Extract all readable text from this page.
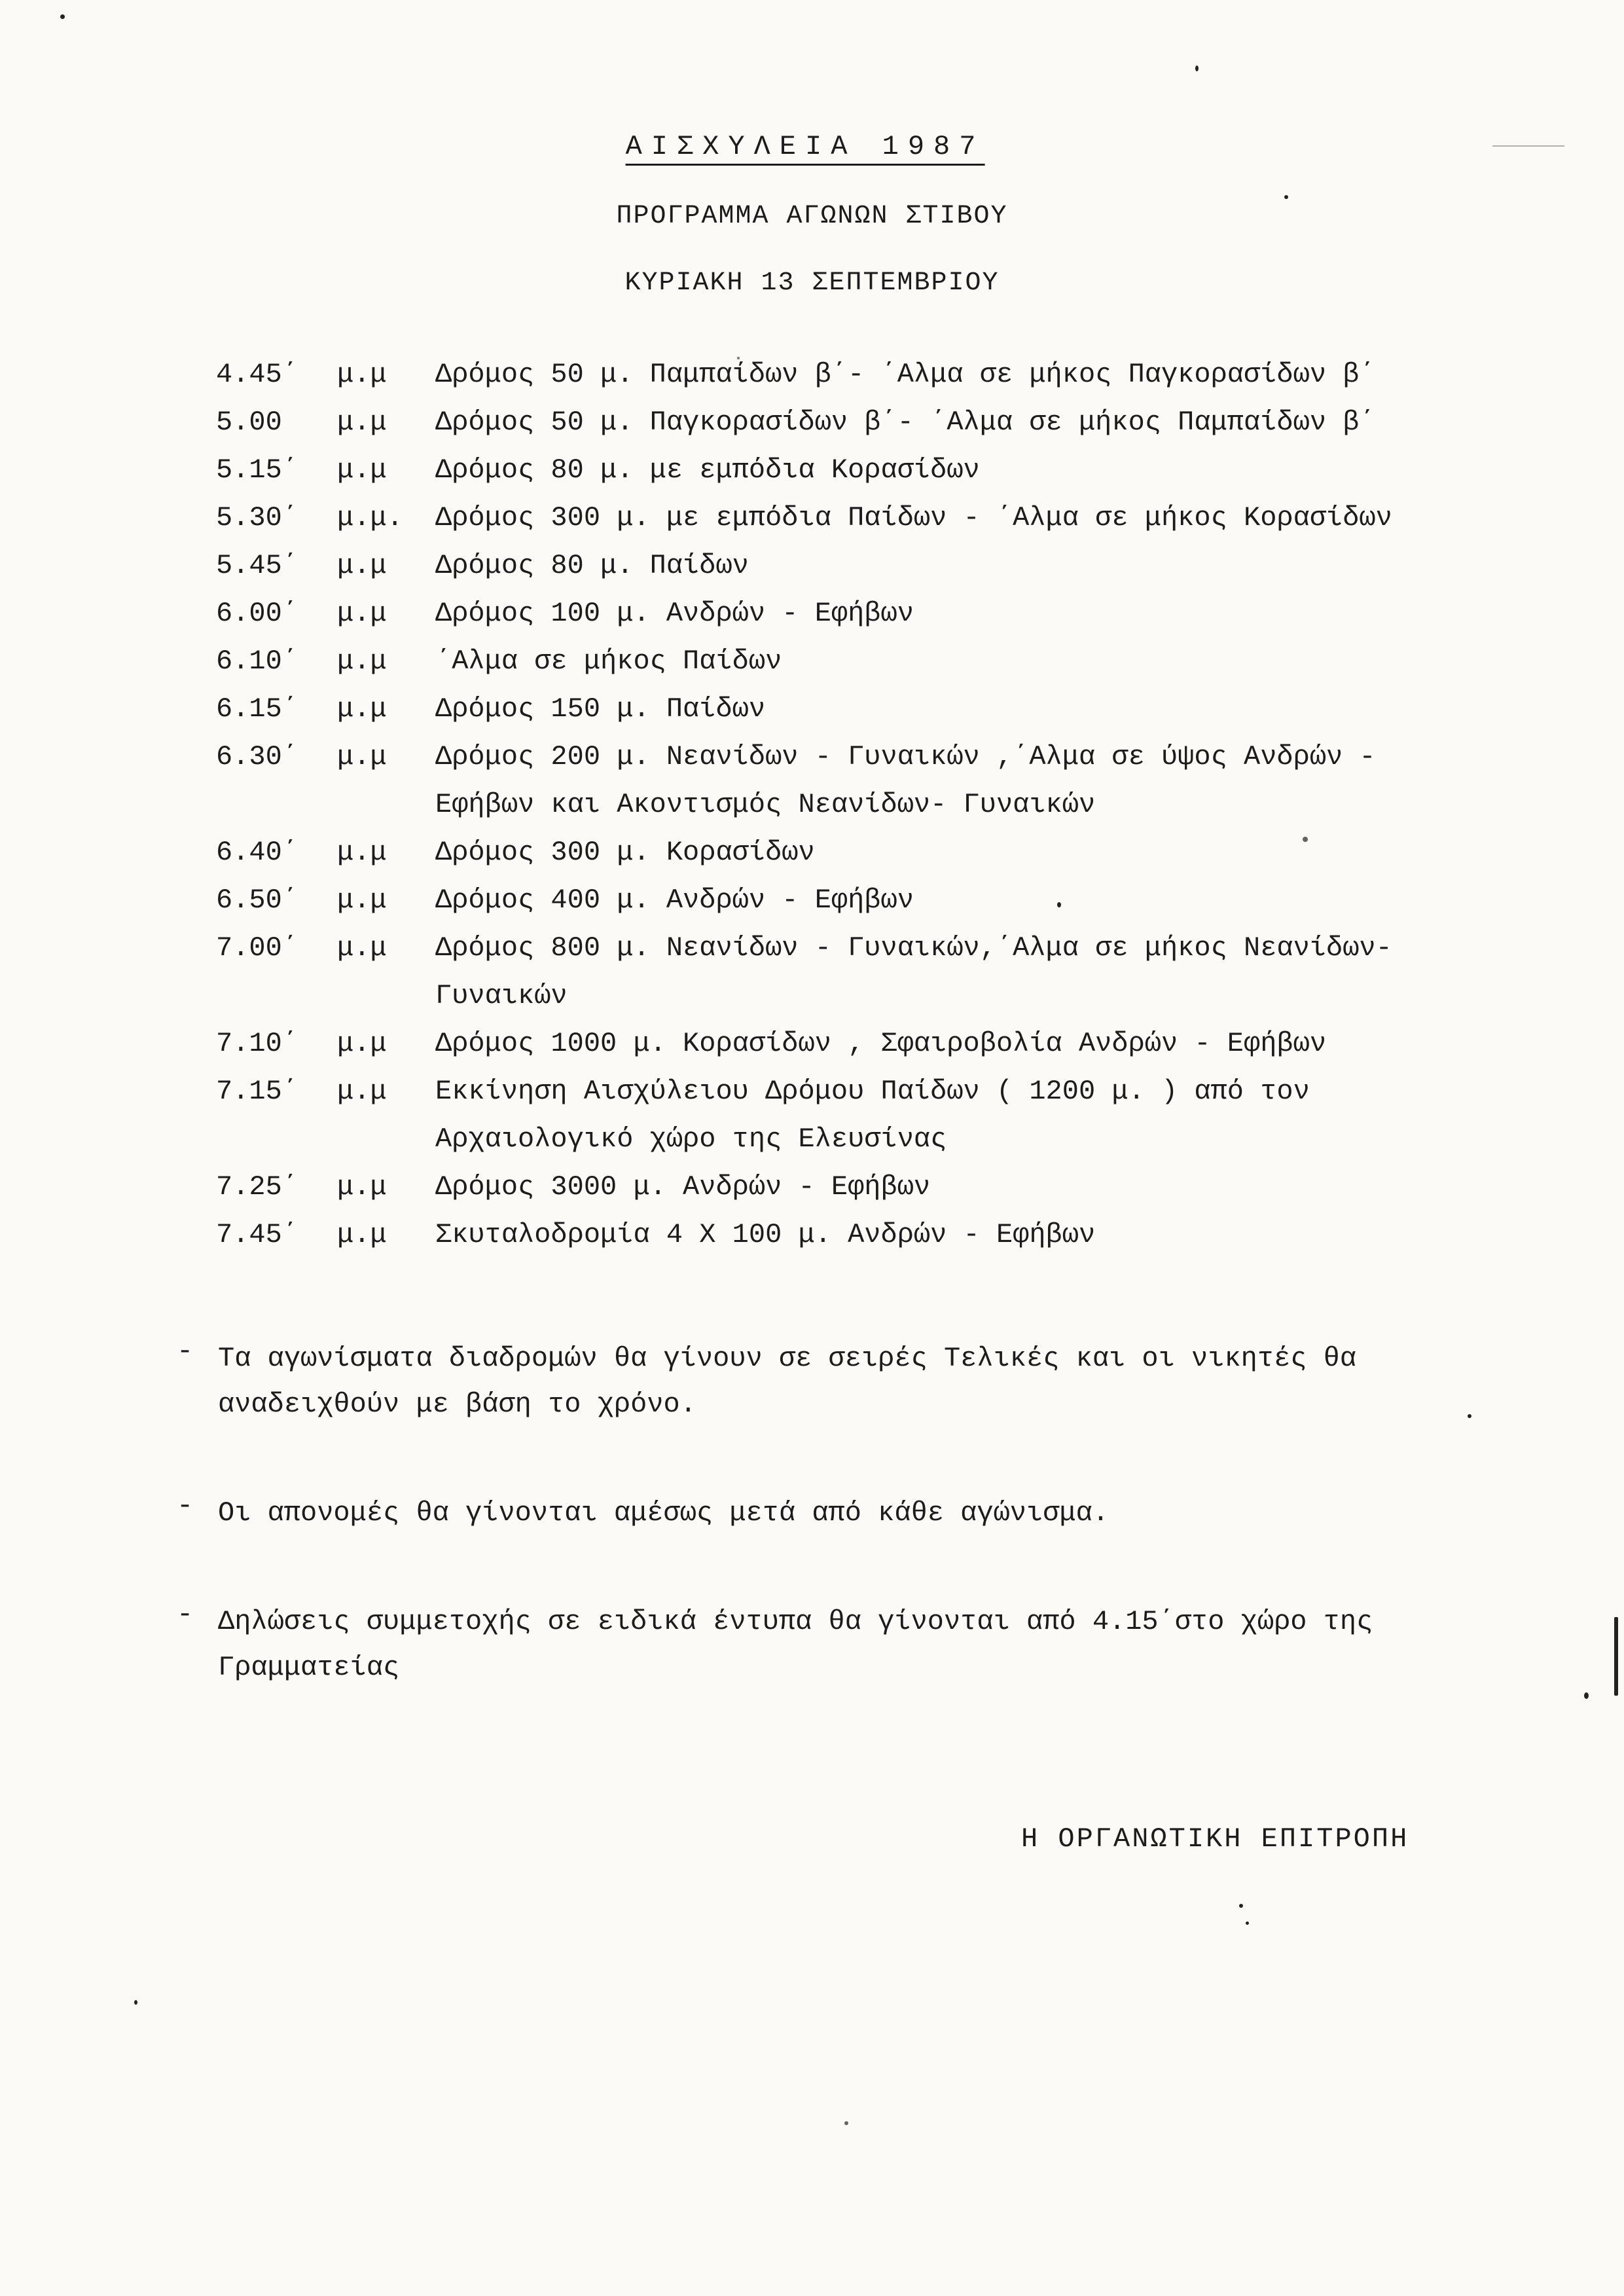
ΑΙΣΧΥΛΕΙΑ 1987
ΠΡΟΓΡΑΜΜΑ ΑΓΩΝΩΝ ΣΤΙΒΟΥ
ΚΥΡΙΑΚΗ 13 ΣΕΠΤΕΜΒΡΙΟΥ
4.45΄	μ.μ	Δρόμος 50 μ. Παμπαίδων β΄- ΄Αλμα σε μήκος Παγκορασίδων β΄
5.00	μ.μ	Δρόμος 50 μ. Παγκορασίδων β΄- ΄Αλμα σε μήκος Παμπαίδων β΄
5.15΄	μ.μ	Δρόμος 80 μ. με εμπόδια Κορασίδων
5.30΄	μ.μ.	Δρόμος 300 μ. με εμπόδια Παίδων - ΄Αλμα σε μήκος Κορασίδων
5.45΄	μ.μ	Δρόμος 80 μ. Παίδων
6.00΄	μ.μ	Δρόμος 100 μ. Ανδρών - Εφήβων
6.10΄	μ.μ	΄Αλμα σε μήκος Παίδων
6.15΄	μ.μ	Δρόμος 150 μ. Παίδων
6.30΄	μ.μ	Δρόμος 200 μ. Νεανίδων - Γυναικών ,΄Αλμα σε ύψος Ανδρών -
Εφήβων και Ακοντισμός Νεανίδων- Γυναικών
6.40΄	μ.μ	Δρόμος 300 μ. Κορασίδων
6.50΄	μ.μ	Δρόμος 400 μ. Ανδρών - Εφήβων
7.00΄	μ.μ	Δρόμος 800 μ. Νεανίδων - Γυναικών,΄Αλμα σε μήκος Νεανίδων-
Γυναικών
7.10΄	μ.μ	Δρόμος 1000 μ. Κορασίδων , Σφαιροβολία Ανδρών - Εφήβων
7.15΄	μ.μ	Εκκίνηση Αισχύλειου Δρόμου Παίδων ( 1200 μ. ) από τον
Αρχαιολογικό χώρο της Ελευσίνας
7.25΄	μ.μ	Δρόμος 3000 μ. Ανδρών - Εφήβων
7.45΄	μ.μ	Σκυταλοδρομία 4 Χ 100 μ. Ανδρών - Εφήβων
- Τα αγωνίσματα διαδρομών θα γίνουν σε σειρές Τελικές και οι νικητές θα αναδειχθούν με βάση το χρόνο.
- Οι απονομές θα γίνονται αμέσως μετά από κάθε αγώνισμα.
- Δηλώσεις συμμετοχής σε ειδικά έντυπα θα γίνονται από 4.15΄στο χώρο της Γραμματείας
Η ΟΡΓΑΝΩΤΙΚΗ ΕΠΙΤΡΟΠΗ
